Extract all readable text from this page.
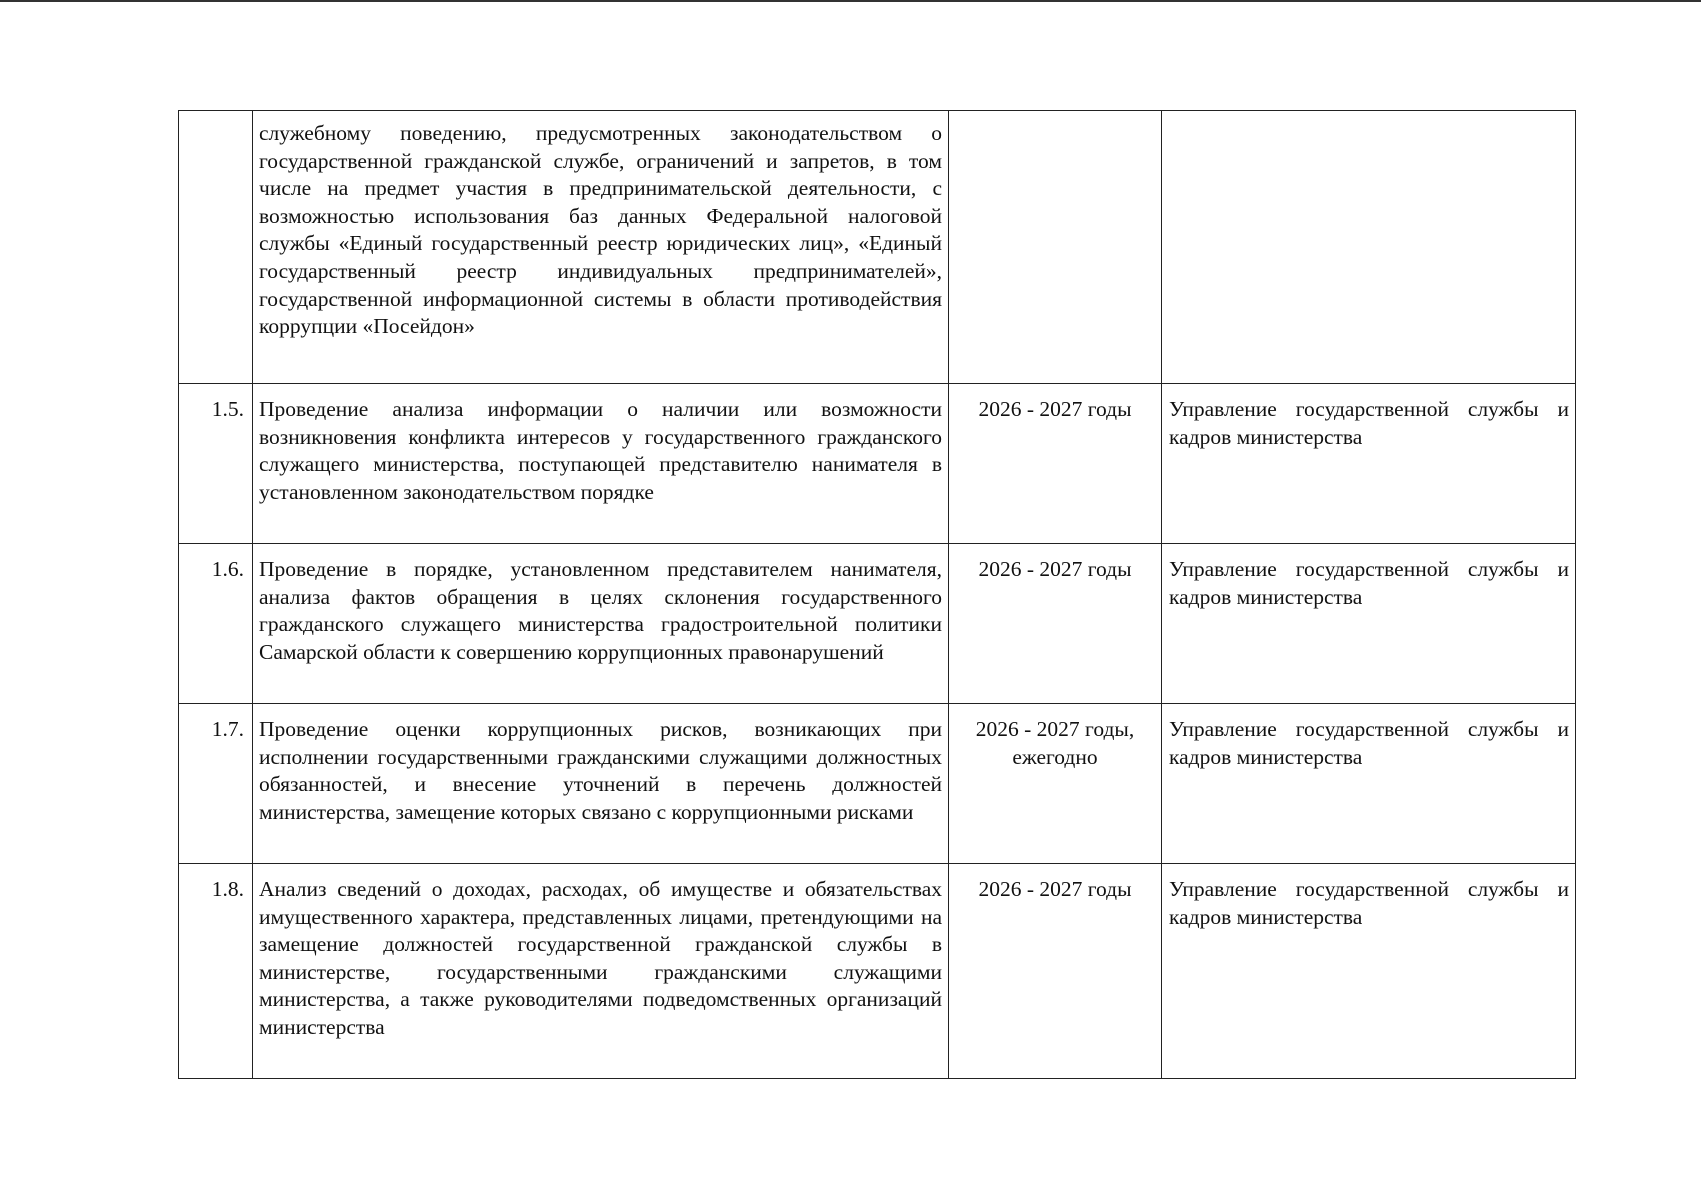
	служебному поведению, предусмотренных законодательством о государственной гражданской службе, ограничений и запретов, в том числе на предмет участия в предпринимательской деятельности, с возможностью использования баз данных Федеральной налоговой службы «Единый государственный реестр юридических лиц», «Единый государственный реестр индивидуальных предпринимателей», государственной информационной системы в области противодействия коррупции «Посейдон»		
1.5.	Проведение анализа информации о наличии или возможности возникновения конфликта интересов у государственного гражданского служащего министерства, поступающей представителю нанимателя в установленном законодательством порядке	2026 - 2027 годы	Управление государственной службы и кадров министерства
1.6.	Проведение в порядке, установленном представителем нанимателя, анализа фактов обращения в целях склонения государственного гражданского служащего министерства градостроительной политики Самарской области к совершению коррупционных правонарушений	2026 - 2027 годы	Управление государственной службы и кадров министерства
1.7.	Проведение оценки коррупционных рисков, возникающих при исполнении государственными гражданскими служащими должностных обязанностей, и внесение уточнений в перечень должностей министерства, замещение которых связано с коррупционными рисками	2026 - 2027 годы, ежегодно	Управление государственной службы и кадров министерства
1.8.	Анализ сведений о доходах, расходах, об имуществе и обязательствах имущественного характера, представленных лицами, претендующими на замещение должностей государственной гражданской службы в министерстве, государственными гражданскими служащими министерства, а также руководителями подведомственных организаций министерства	2026 - 2027 годы	Управление государственной службы и кадров министерства
